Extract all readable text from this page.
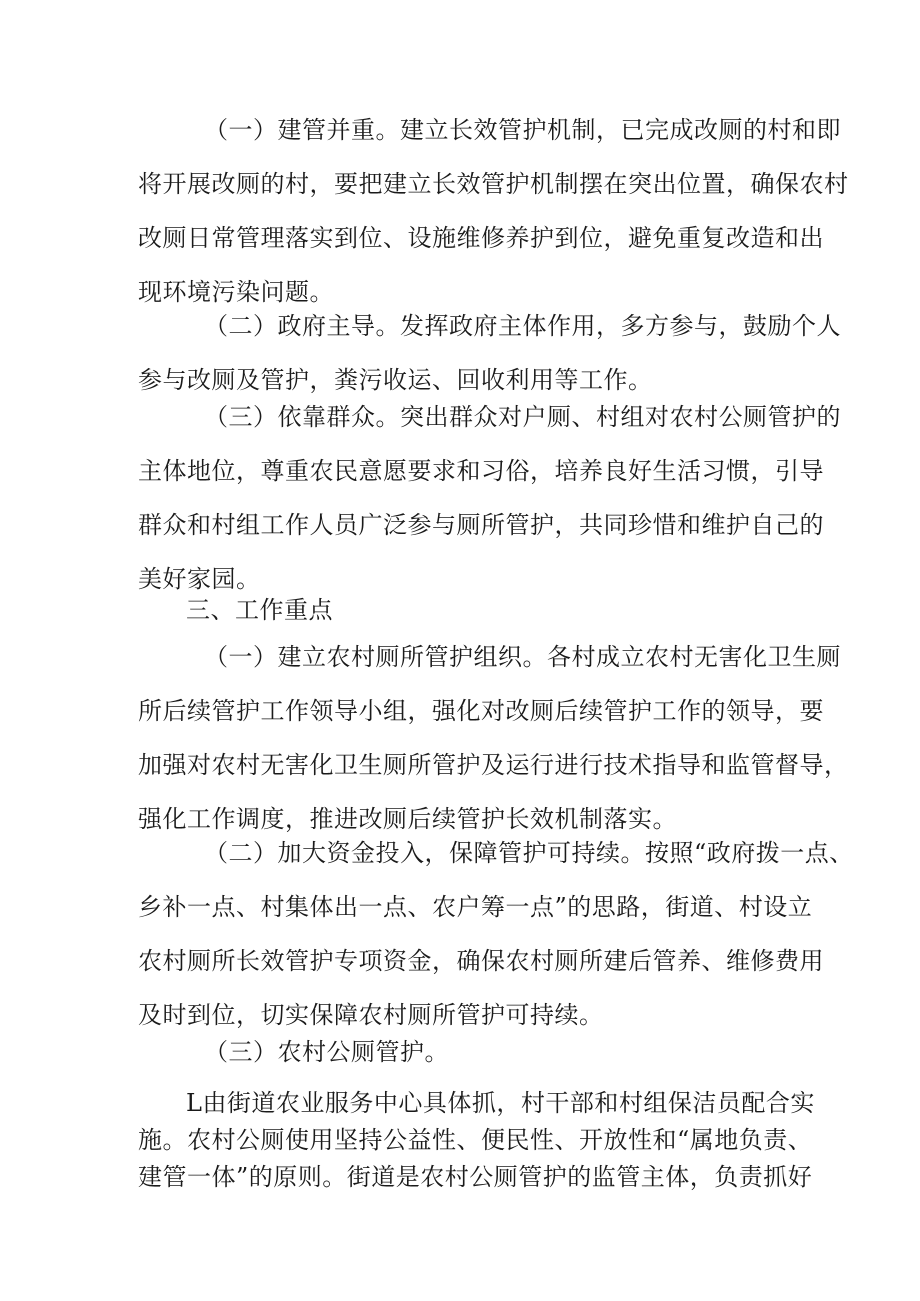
（一）建管并重。建立长效管护机制，已完成改厕的村和即
将开展改厕的村，要把建立长效管护机制摆在突出位置，确保农村
改厕日常管理落实到位、设施维修养护到位，避免重复改造和出
现环境污染问题。

（二）政府主导。发挥政府主体作用，多方参与，鼓励个人
参与改厕及管护，粪污收运、回收利用等工作。

（三）依靠群众。突出群众对户厕、村组对农村公厕管护的
主体地位，尊重农民意愿要求和习俗，培养良好生活习惯，引导
群众和村组工作人员广泛参与厕所管护，共同珍惜和维护自己的
美好家园。

三、工作重点

（一）建立农村厕所管护组织。各村成立农村无害化卫生厕
所后续管护工作领导小组，强化对改厕后续管护工作的领导，要
加强对农村无害化卫生厕所管护及运行进行技术指导和监管督导，
强化工作调度，推进改厕后续管护长效机制落实。

（二）加大资金投入，保障管护可持续。按照“政府拨一点、
乡补一点、村集体出一点、农户筹一点”的思路，街道、村设立
农村厕所长效管护专项资金，确保农村厕所建后管养、维修费用
及时到位，切实保障农村厕所管护可持续。

（三）农村公厕管护。

L由街道农业服务中心具体抓，村干部和村组保洁员配合实
施。农村公厕使用坚持公益性、便民性、开放性和“属地负责、
建管一体”的原则。街道是农村公厕管护的监管主体，负责抓好
